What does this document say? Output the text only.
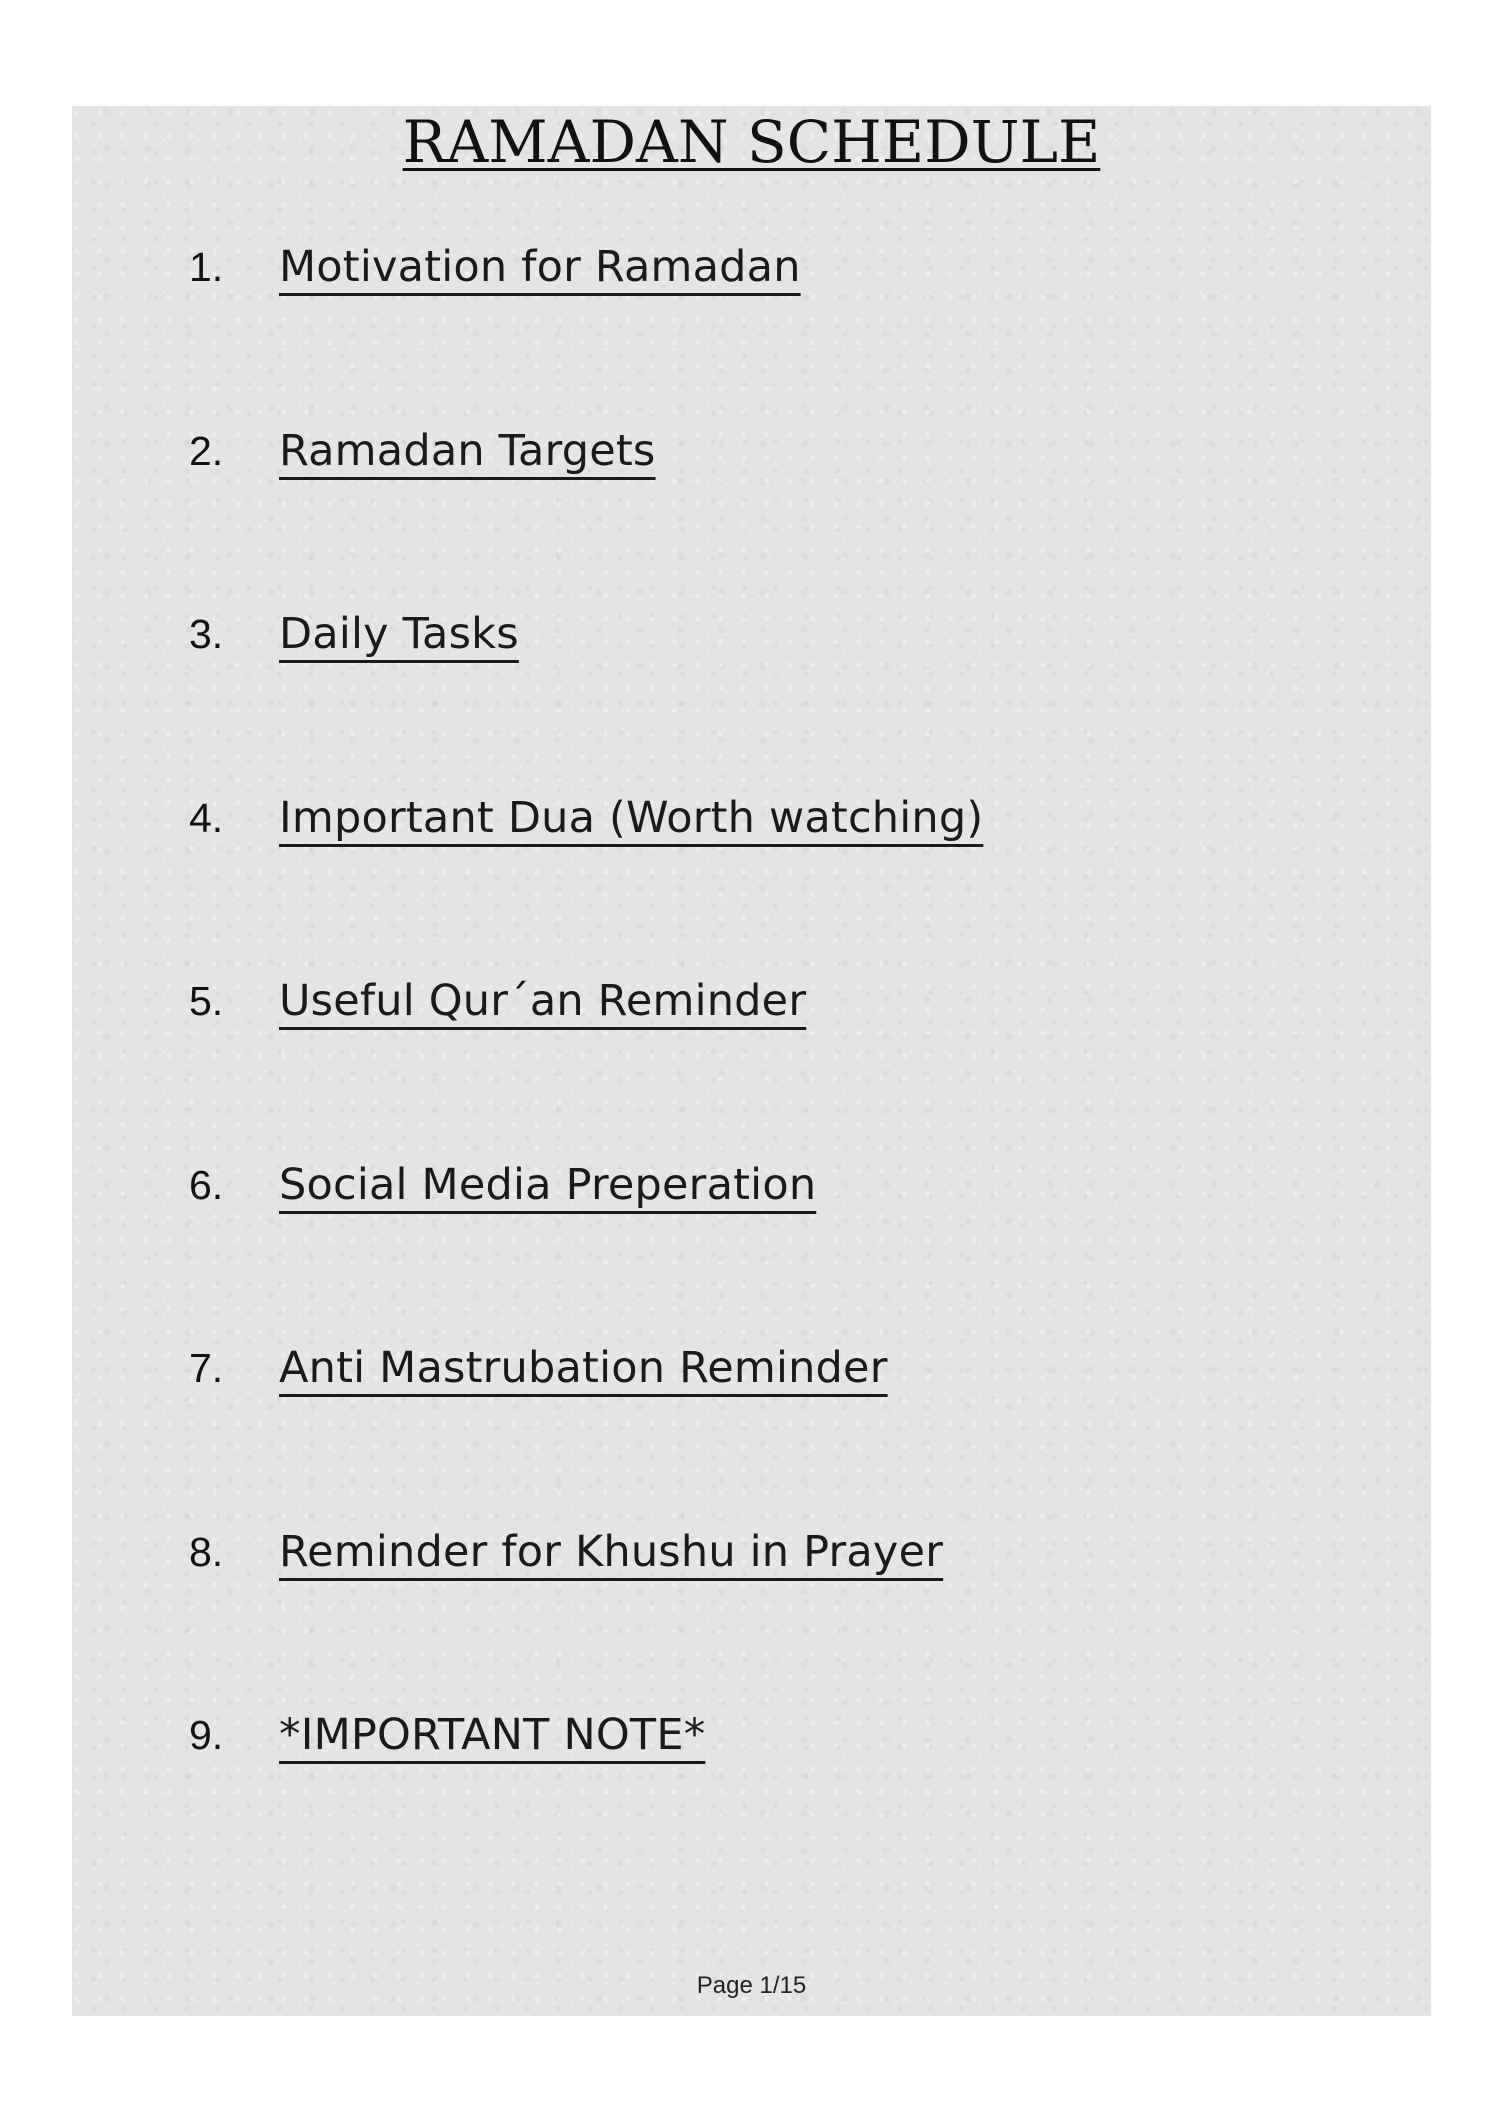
RAMADAN SCHEDULE
1.	Motivation for Ramadan
2.	Ramadan Targets
3.	Daily Tasks
4.	Important Dua (Worth watching)
5.	Useful Qur´an Reminder
6.	Social Media Preperation
7.	Anti Mastrubation Reminder
8.	Reminder for Khushu in Prayer
9.	*IMPORTANT NOTE*

Page 1/15
